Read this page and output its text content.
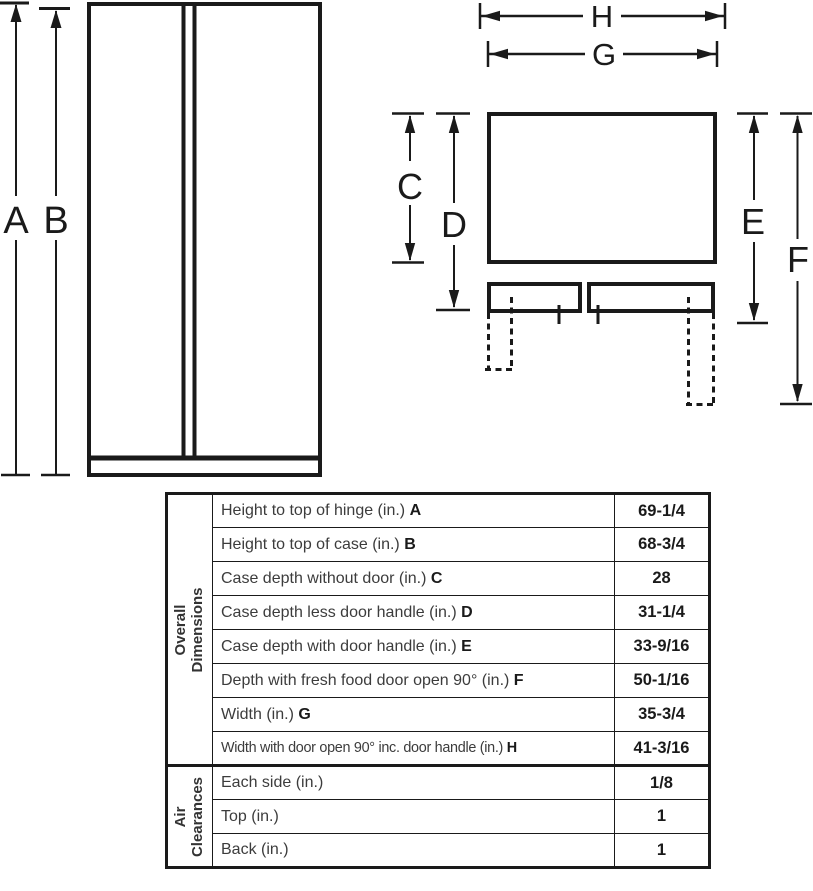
A B
C
D	E
F
G
H
Overall Dimensions	Height to top of hinge (in.) A	69-1/4
	Height to top of case (in.) B	68-3/4
	Case depth without door (in.) C	28
	Case depth less door handle (in.) D	31-1/4
	Case depth with door handle (in.) E	33-9/16
	Depth with fresh food door open 90° (in.) F	50-1/16
	Width (in.) G	35-3/4
	Width with door open 90° inc. door handle (in.) H	41-3/16

Air Clearances	Each side (in.)	1/8
	Top (in.)	1
	Back (in.)	1
